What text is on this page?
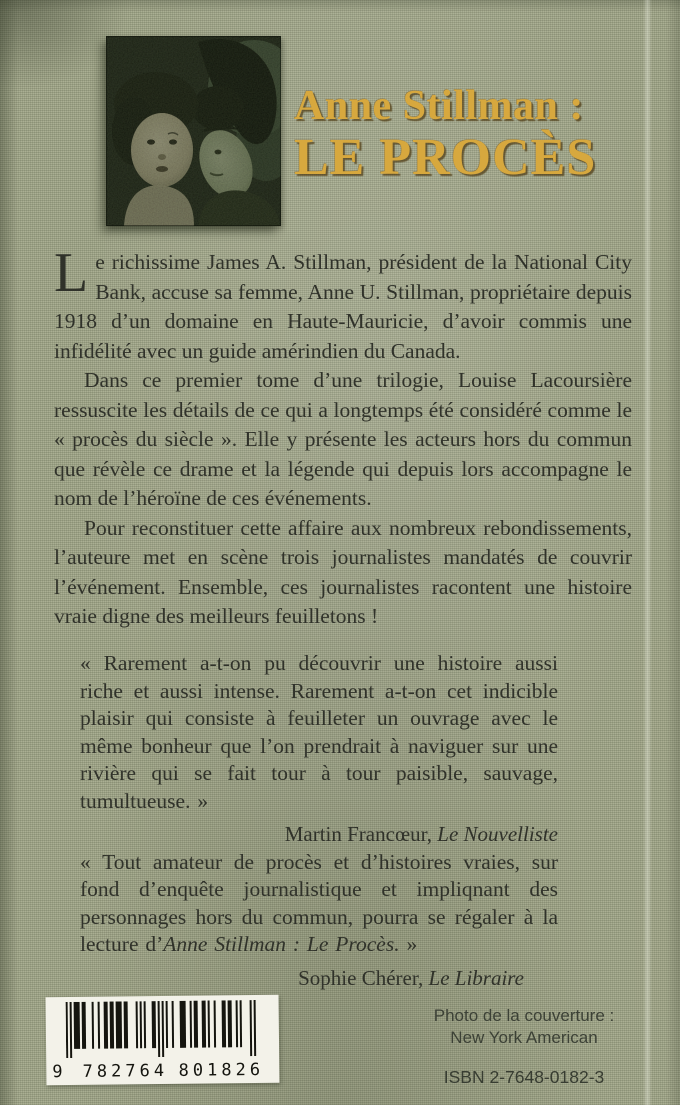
Anne Stillman :
LE PROCÈS

Le richissime James A. Stillman, président de la National City Bank, accuse sa femme, Anne U. Stillman, propriétaire depuis 1918 d’un domaine en Haute-Mauricie, d’avoir commis une infidélité avec un guide amérindien du Canada.

Dans ce premier tome d’une trilogie, Louise Lacoursière ressuscite les détails de ce qui a longtemps été considéré comme le « procès du siècle ». Elle y présente les acteurs hors du commun que révèle ce drame et la légende qui depuis lors accompagne le nom de l’héroïne de ces événements.

Pour reconstituer cette affaire aux nombreux rebondissements, l’auteure met en scène trois journalistes mandatés de couvrir l’événement. Ensemble, ces journalistes racontent une histoire vraie digne des meilleurs feuilletons !

« Rarement a-t-on pu découvrir une histoire aussi riche et aussi intense. Rarement a-t-on cet indicible plaisir qui consiste à feuilleter un ouvrage avec le même bonheur que l’on prendrait à naviguer sur une rivière qui se fait tour à tour paisible, sauvage, tumultueuse. »

Martin Francœur, Le Nouvelliste

« Tout amateur de procès et d’histoires vraies, sur fond d’enquête journalistique et impliqnant des personnages hors du commun, pourra se régaler à la lecture d’Anne Stillman : Le Procès. »

Sophie Chérer, Le Libraire
9 782764 801826
Photo de la couverture :
New York American
ISBN 2-7648-0182-3
